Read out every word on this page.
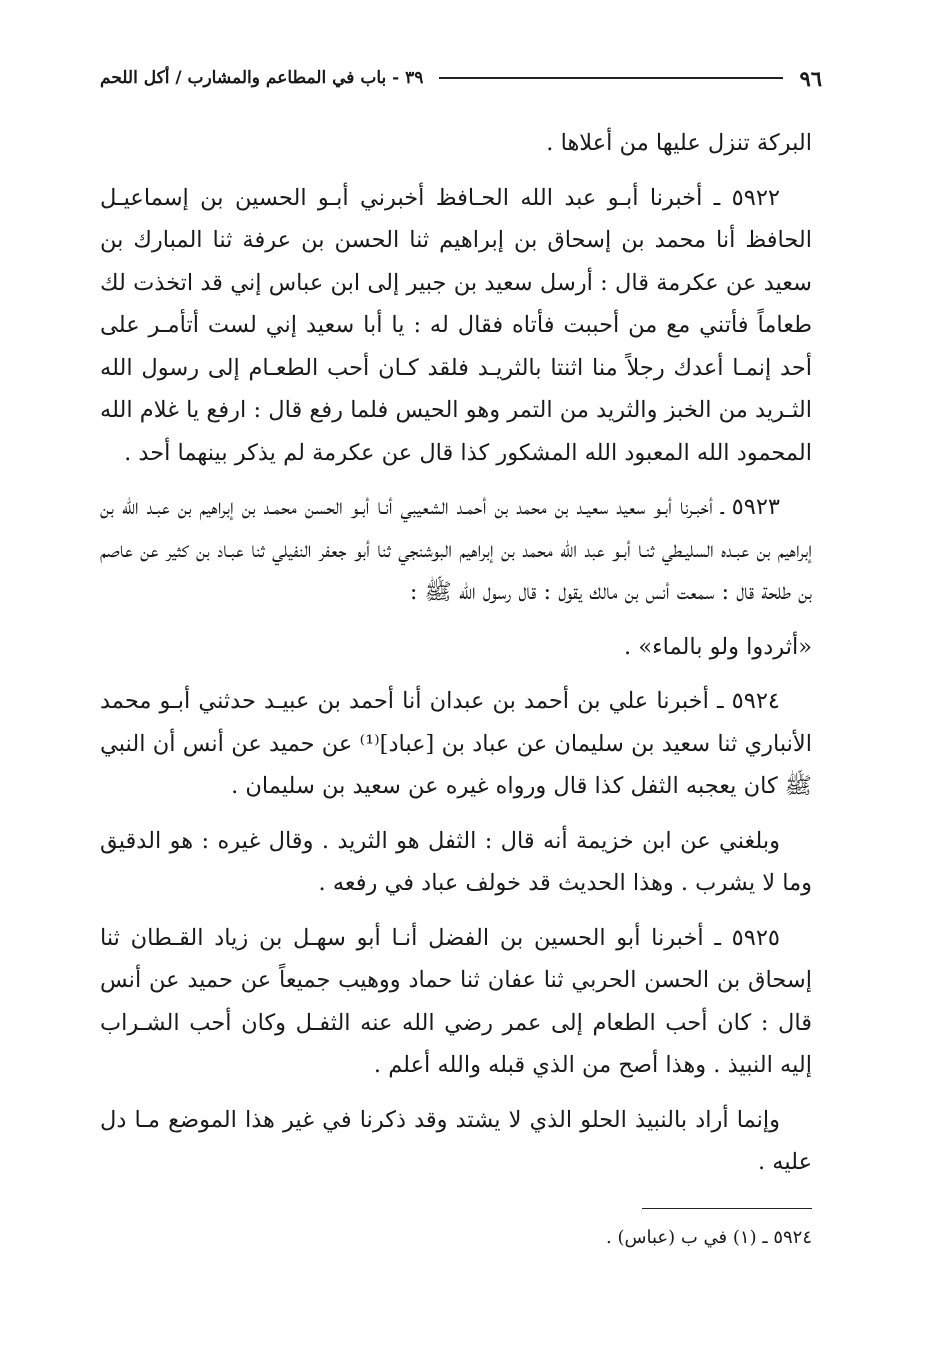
٩٦
٣٩ - باب في المطاعم والمشارب / أكل اللحم

البركة تنزل عليها من أعلاها .

٥٩٢٢ ـ أخبرنا أبـو عبد الله الحـافظ أخبرني أبـو الحسين بن إسماعيـل الحافظ أنا محمد بن إسحاق بن إبراهيم ثنا الحسن بن عرفة ثنا المبارك بن سعيد عن عكرمة قال : أرسل سعيد بن جبير إلى ابن عباس إني قد اتخذت لك طعاماً فأتني مع من أحببت فأتاه فقال له : يا أبا سعيد إني لست أتأمـر على أحد إنمـا أعدك رجلاً منا اثنتا بالثريـد فلقد كـان أحب الطعـام إلى رسول الله الثـريد من الخبز والثريد من التمر وهو الحيس فلما رفع قال : ارفع يا غلام الله المحمود الله المعبود الله المشكور كذا قال عن عكرمة لم يذكر بينهما أحد .

٥٩٢٣ ـ أخبـرنا أبـو سعيد سعيـد بن محمد بن أحمـد الشعيبي أنـا أبـو الحسن محمـد بن إبراهيم بن عبـد الله بن إبراهيم بن عبـده السليـطي ثنـا أبـو عبد الله محمد بن إبراهيم البوشنجي ثنا أبو جعفر النفيلي ثنا عبـاد بن كثير عن عاصم بن طلحة قال : سمعت أنس بن مالك يقول : قال رسول الله ﷺ :

«أثردوا ولو بالماء» .

٥٩٢٤ ـ أخبرنا علي بن أحمد بن عبدان أنا أحمد بن عبيـد حدثني أبـو محمد الأنباري ثنا سعيد بن سليمان عن عباد بن [عباد]⁽¹⁾ عن حميد عن أنس أن النبي ﷺ كان يعجبه الثفل كذا قال ورواه غيره عن سعيد بن سليمان .

وبلغني عن ابن خزيمة أنه قال : الثفل هو الثريد . وقال غيره : هو الدقيق وما لا يشرب . وهذا الحديث قد خولف عباد في رفعه .

٥٩٢٥ ـ أخبرنا أبو الحسين بن الفضل أنـا أبو سهـل بن زياد القـطان ثنا إسحاق بن الحسن الحربي ثنا عفان ثنا حماد ووهيب جميعاً عن حميد عن أنس قال : كان أحب الطعام إلى عمر رضي الله عنه الثفـل وكان أحب الشـراب إليه النبيذ . وهذا أصح من الذي قبله والله أعلم .

وإنما أراد بالنبيذ الحلو الذي لا يشتد وقد ذكرنا في غير هذا الموضع مـا دل عليه .

٥٩٢٤ ـ (١) في ب (عباس) .
